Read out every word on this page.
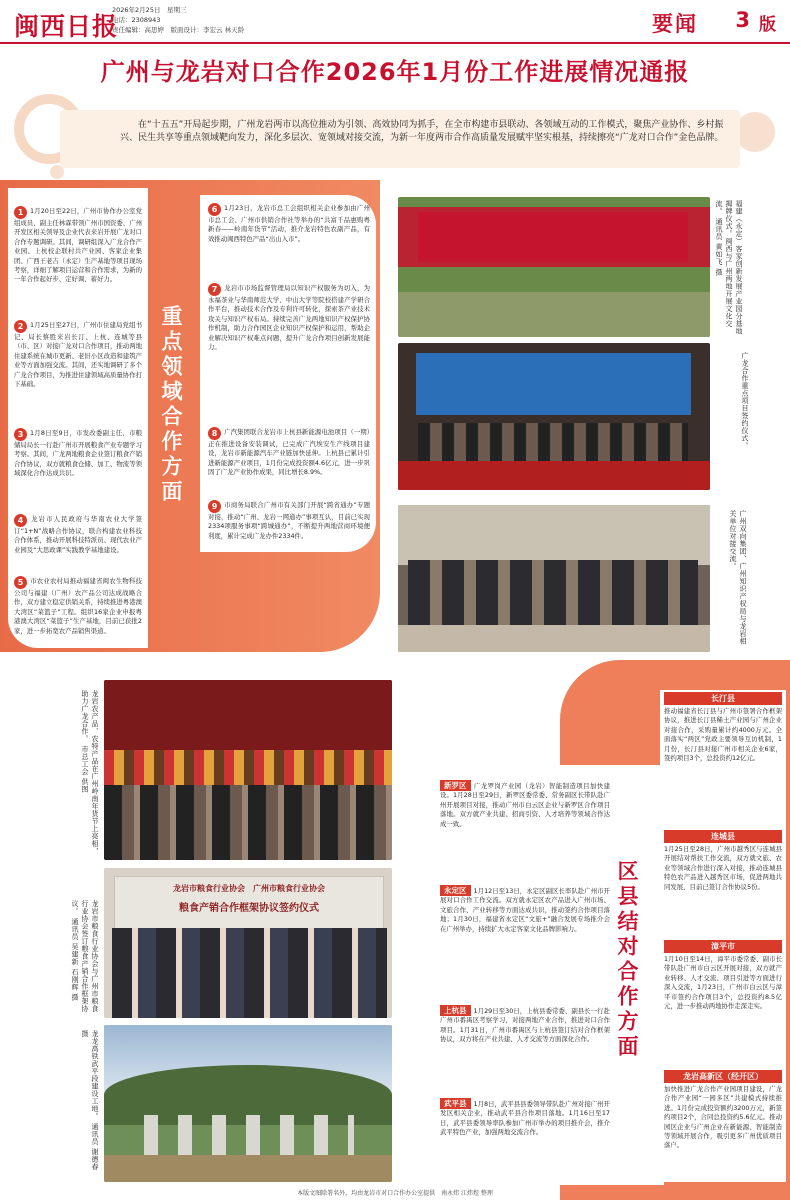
闽西日报
2026年2月25日　星期三
电话：2308943
责任编辑：高思婷　版面设计：李宏云 林天龄	要闻 3 版
广州与龙岩对口合作2026年1月份工作进展情况通报

在“十五五”开局起步期，广州龙岩两市以高位推动为引领、高效协同为抓手，在全市构建市县联动、各领域互动的工作模式，聚焦产业协作、乡村振兴、民生共享等重点领域靶向发力，深化多层次、宽领域对接交流，为新一年度两市合作高质量发展赋牢坚实根基，持续擦亮“广龙对口合作”金色品牌。

重点领域合作方面
1 1月20日至22日，广州市协作办公室党组成员、副主任林霖带领广州市国资委、广州开发区相关领导及企业代表来岩开展广龙对口合作专题调研。其间，调研组深入广龙合作产业园、上杭校企联村共产业园、客家企业集团、广西王老吉（永定）生产基地等项目现场考察，详细了解项目运营和合作需求，为新的一年合作起好步、定好调、蓄好力。
2 1月25日至27日，广州市住建局党组书记、局长蔡胜来岩长汀、上杭、连城等县（市、区）对接广龙对口合作项目，推动两地住建系统在城市更新、老旧小区改造和建筑产业等方面加强交流。其间，还实地调研了多个广龙合作项目，为推进住建领域高质量协作打下基础。
3 1月8日至9日，市发改委副主任、市粮储局局长一行赴广州市开展粮食产业专题学习考察。其间，广龙两地粮食企业签订粮食产销合作协议，双方就粮食仓储、加工、物流等领域深化合作达成共识。
4 龙岩市人民政府与华南农业大学签订“1+N”战略合作协议，联合构建农业科技合作体系，推动开展科技特派员、现代农业产业园及“大思政课”实践教学基地建设。
5 市农业农村局推动福建省闽农生物科技公司与福建（广州）农产品公司达成战略合作，双方建立稳定供销关系，持续推进粤港澳大湾区“菜篮子”工程。组织16家企业申报粤港澳大湾区“菜篮子”生产基地，目前已获批2家，进一步拓宽农产品销售渠道。
6 1月23日，龙岩市总工会组织相关企业参加由广州市总工会、广州市供销合作社等举办的“共富千品惠购粤新春——岭南年货节”活动，推介龙岩特色农副产品，有效推动闽西特色产品“出山入市”。
7 龙岩市市场监督管理局以知识产权服务为切入，为永福茶业与华南师范大学、中山大学等院校搭建产学研合作平台，推动技术合作及专利许可转化，探索茶产业技术攻关与知识产权布局。持续完善广龙两地知识产权保护协作机制，助力合作园区企业知识产权保护和运用，帮助企业解决知识产权难点问题，提升广龙合作项目创新发展能力。
8 广汽集团联合龙岩市上杭县新能源电池项目（一期）正在推进设备安装调试，已完成广汽埃安生产线项目建设，龙岩市新能源汽车产业链加快延伸。上杭县已累计引进新能源产业项目，1月份完成投资额4.6亿元，进一步巩固了广龙产业协作成果，同比增长8.9%。
9 市商务局联合广州市有关部门开展“跨省通办”专题对接，推动“广州、龙岩一网通办”事项互认，目前已实现2334项服务事项“跨城通办”，不断提升两地营商环境便利度，累计完成广龙办件2334件。
福建（永定）客家创新发展产业园分基地揭牌仪式。闽西与广州两地开展文化交流。 通讯员 黄如飞 摄
广龙合作重点项目签约仪式。
广州双向集团、广州知识产权局与龙岩相关单位对接交流。
龙岩农产品、农特产品在广州岭南年货节上亮相，助力广龙合作。 市总工会 供图
龙岩市粮食行业协会　广州市粮食行业协会
粮食产销合作框架协议签约仪式
龙岩市粮食行业协会与广州市粮食行业协会签订粮食产销合作框架协议。 通讯员 吴建新 石刚辉 摄
龙龙高铁武平段建设工地。 通讯员 谢德春 摄	区县结对合作方面
新罗区 广龙罗岗产业园（龙岩）智能制造项目加快建设。1月28日至29日，新罗区委常委、常务副区长带队赴广州开展项目对接，推动广州市白云区企业与新罗区合作项目落地。双方就产业共建、招商引资、人才培养等领域合作达成一致。
永定区 1月12日至13日，永定区副区长率队赴广州市开展对口合作工作交流。双方就永定区农产品进入广州市场、文旅合作、产业转移等方面达成共识，推动签约合作项目落地；1月30日，福建省永定区“文旅+”融合发展专场推介会在广州举办，持续扩大永定客家文化品牌影响力。
上杭县 1月29日至30日，上杭县委常委、副县长一行赴广州市番禺区考察学习，对接两地产业合作，推进对口合作项目。1月31日，广州市番禺区与上杭县签订结对合作框架协议，双方将在产业共建、人才交流等方面深化合作。
武平县 1月8日，武平县县委领导带队赴广州对接广州开发区相关企业，推动武平县合作项目落地。1月16日至17日，武平县委领导率队参加广州市举办的项目推介会，推介武平特色产业，加强两地交流合作。
长汀县
推动福建省长汀县与广州市签署合作框架协议，推进长汀县稀土产业园与广州企业对接合作，采购量累计约4000万元。全面落实“两区”党政主要领导互访机制，1月份，长汀县对接广州市相关企业6家，签约项目3个，总投资约12亿元。
连城县
1月25日至28日，广州市越秀区与连城县开展结对帮扶工作交流，双方就文旅、农业等领域合作进行深入对接，推动连城县特色农产品进入越秀区市场，促进两地共同发展，目前已签订合作协议5份。
漳平市
1月10日至14日，漳平市委常委、副市长带队赴广州市白云区开展对接，双方就产业转移、人才交流、项目引进等方面进行深入交流，1月23日，广州市白云区与漳平市签约合作项目3个，总投资约8.5亿元，进一步推动两地协作走深走实。
龙岩高新区（经开区）
加快推进广龙合作产业园项目建设，广龙合作产业园“一园多区”共建模式持续推进。1月份完成投资额约3200万元，新签约项目2个，合同总投资约5.6亿元。推动园区企业与广州企业在新能源、智能制造等领域开展合作，吸引更多广州优质项目落户。
本版文图除署名外，均由龙岩市对口合作办公室提供　南永炜 江炜煜 整理
